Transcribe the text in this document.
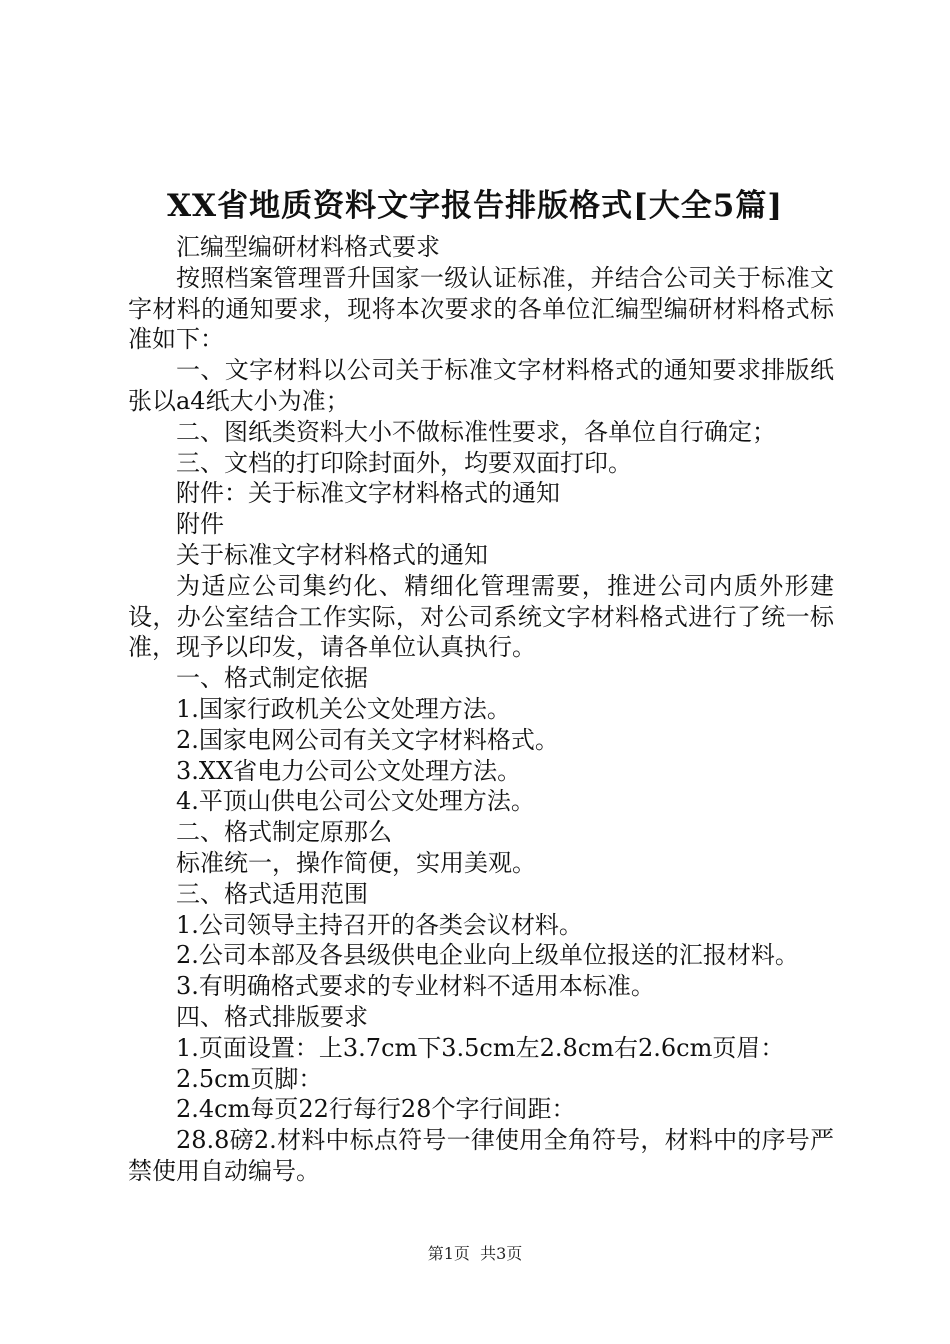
XX省地质资料文字报告排版格式[大全5篇]

汇编型编研材料格式要求

按照档案管理晋升国家一级认证标准，并结合公司关于标准文字材料的通知要求，现将本次要求的各单位汇编型编研材料格式标准如下：

一、文字材料以公司关于标准文字材料格式的通知要求排版纸张以a4纸大小为准；

二、图纸类资料大小不做标准性要求，各单位自行确定；

三、文档的打印除封面外，均要双面打印。

附件：关于标准文字材料格式的通知

附件

关于标准文字材料格式的通知

为适应公司集约化、精细化管理需要，推进公司内质外形建设，办公室结合工作实际，对公司系统文字材料格式进行了统一标准，现予以印发，请各单位认真执行。

一、格式制定依据

1.国家行政机关公文处理方法。

2.国家电网公司有关文字材料格式。

3.XX省电力公司公文处理方法。

4.平顶山供电公司公文处理方法。

二、格式制定原那么

标准统一，操作简便，实用美观。

三、格式适用范围

1.公司领导主持召开的各类会议材料。

2.公司本部及各县级供电企业向上级单位报送的汇报材料。

3.有明确格式要求的专业材料不适用本标准。

四、格式排版要求

1.页面设置：上3.7cm下3.5cm左2.8cm右2.6cm页眉：

2.5cm页脚：

2.4cm每页22行每行28个字行间距：

28.8磅2.材料中标点符号一律使用全角符号，材料中的序号严禁使用自动编号。

第1页  共3页
